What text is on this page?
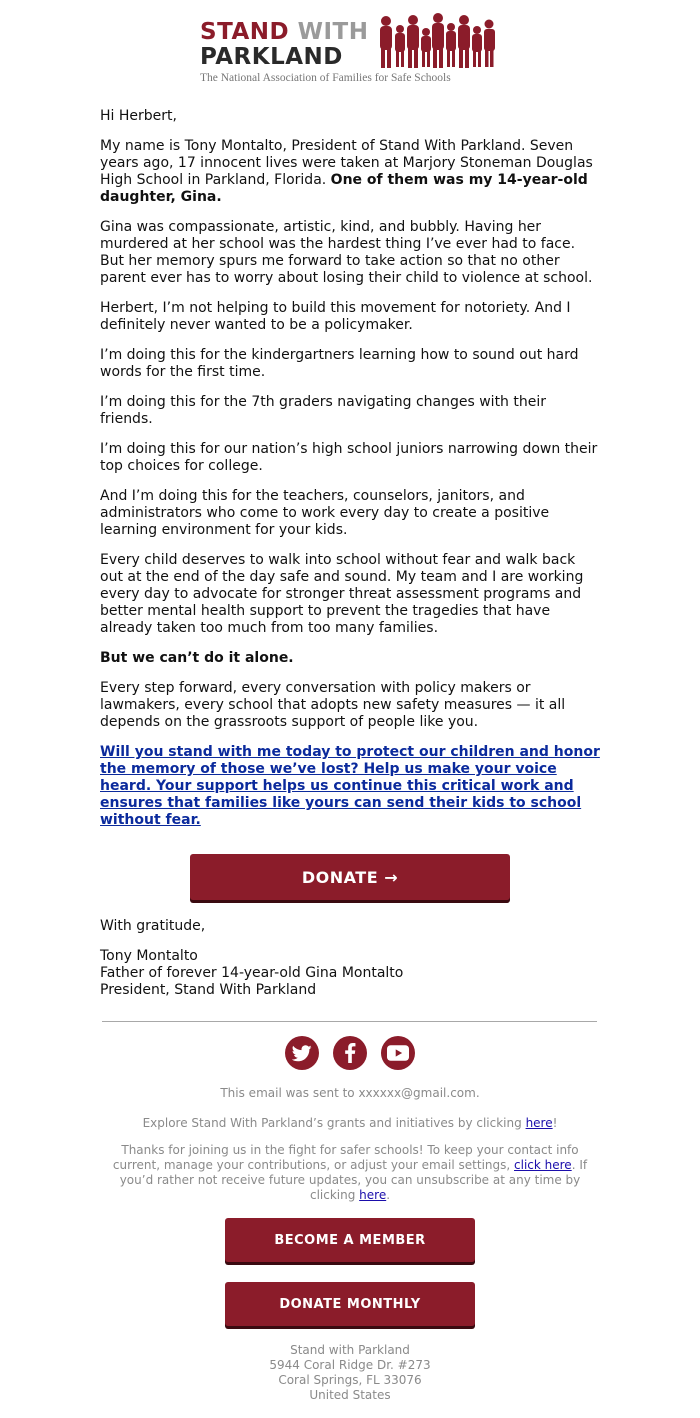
STAND WITH
PARKLAND
The National Association of Families for Safe Schools

Hi Herbert,

My name is Tony Montalto, President of Stand With Parkland. Seven years ago, 17 innocent lives were taken at Marjory Stoneman Douglas High School in Parkland, Florida. One of them was my 14-year-old daughter, Gina.

Gina was compassionate, artistic, kind, and bubbly. Having her murdered at her school was the hardest thing I’ve ever had to face. But her memory spurs me forward to take action so that no other parent ever has to worry about losing their child to violence at school.

Herbert, I’m not helping to build this movement for notoriety. And I definitely never wanted to be a policymaker.

I’m doing this for the kindergartners learning how to sound out hard words for the first time.

I’m doing this for the 7th graders navigating changes with their friends.

I’m doing this for our nation’s high school juniors narrowing down their top choices for college.

And I’m doing this for the teachers, counselors, janitors, and administrators who come to work every day to create a positive learning environment for your kids.

Every child deserves to walk into school without fear and walk back out at the end of the day safe and sound. My team and I are working every day to advocate for stronger threat assessment programs and better mental health support to prevent the tragedies that have already taken too much from too many families.

But we can’t do it alone.

Every step forward, every conversation with policy makers or lawmakers, every school that adopts new safety measures — it all depends on the grassroots support of people like you.

Will you stand with me today to protect our children and honor the memory of those we’ve lost? Help us make your voice heard. Your support helps us continue this critical work and ensures that families like yours can send their kids to school without fear.
DONATE →

With gratitude,

Tony Montalto
Father of forever 14-year-old Gina Montalto
President, Stand With Parkland
This email was sent to xxxxxx@gmail.com.
Explore Stand With Parkland’s grants and initiatives by clicking here!
Thanks for joining us in the fight for safer schools! To keep your contact info current, manage your contributions, or adjust your email settings, click here. If you’d rather not receive future updates, you can unsubscribe at any time by clicking here.
BECOME A MEMBER
DONATE MONTHLY
Stand with Parkland
5944 Coral Ridge Dr. #273
Coral Springs, FL 33076
United States
